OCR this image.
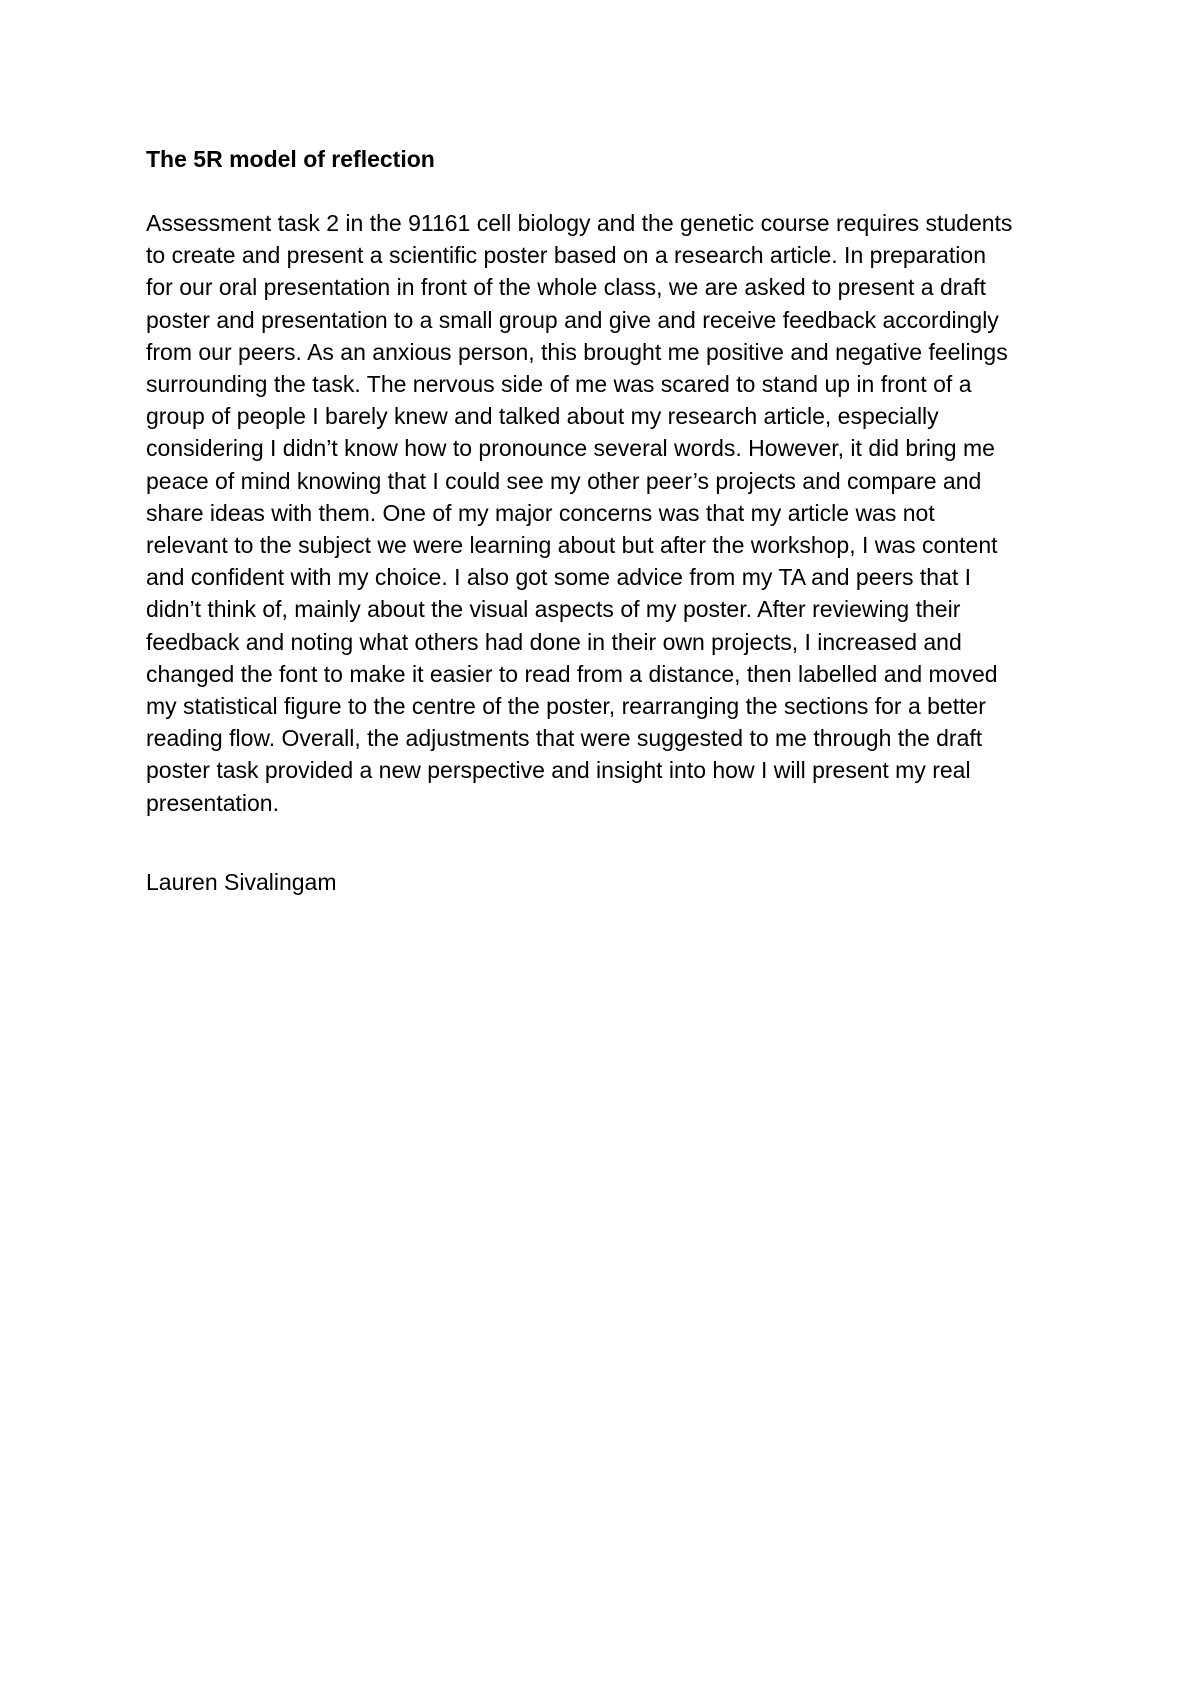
The 5R model of reflection
Assessment task 2 in the 91161 cell biology and the genetic course requires students
to create and present a scientific poster based on a research article. In preparation
for our oral presentation in front of the whole class, we are asked to present a draft
poster and presentation to a small group and give and receive feedback accordingly
from our peers. As an anxious person, this brought me positive and negative feelings
surrounding the task. The nervous side of me was scared to stand up in front of a
group of people I barely knew and talked about my research article, especially
considering I didn’t know how to pronounce several words. However, it did bring me
peace of mind knowing that I could see my other peer’s projects and compare and
share ideas with them. One of my major concerns was that my article was not
relevant to the subject we were learning about but after the workshop, I was content
and confident with my choice. I also got some advice from my TA and peers that I
didn’t think of, mainly about the visual aspects of my poster. After reviewing their
feedback and noting what others had done in their own projects, I increased and
changed the font to make it easier to read from a distance, then labelled and moved
my statistical figure to the centre of the poster, rearranging the sections for a better
reading flow. Overall, the adjustments that were suggested to me through the draft
poster task provided a new perspective and insight into how I will present my real
presentation.
Lauren Sivalingam
